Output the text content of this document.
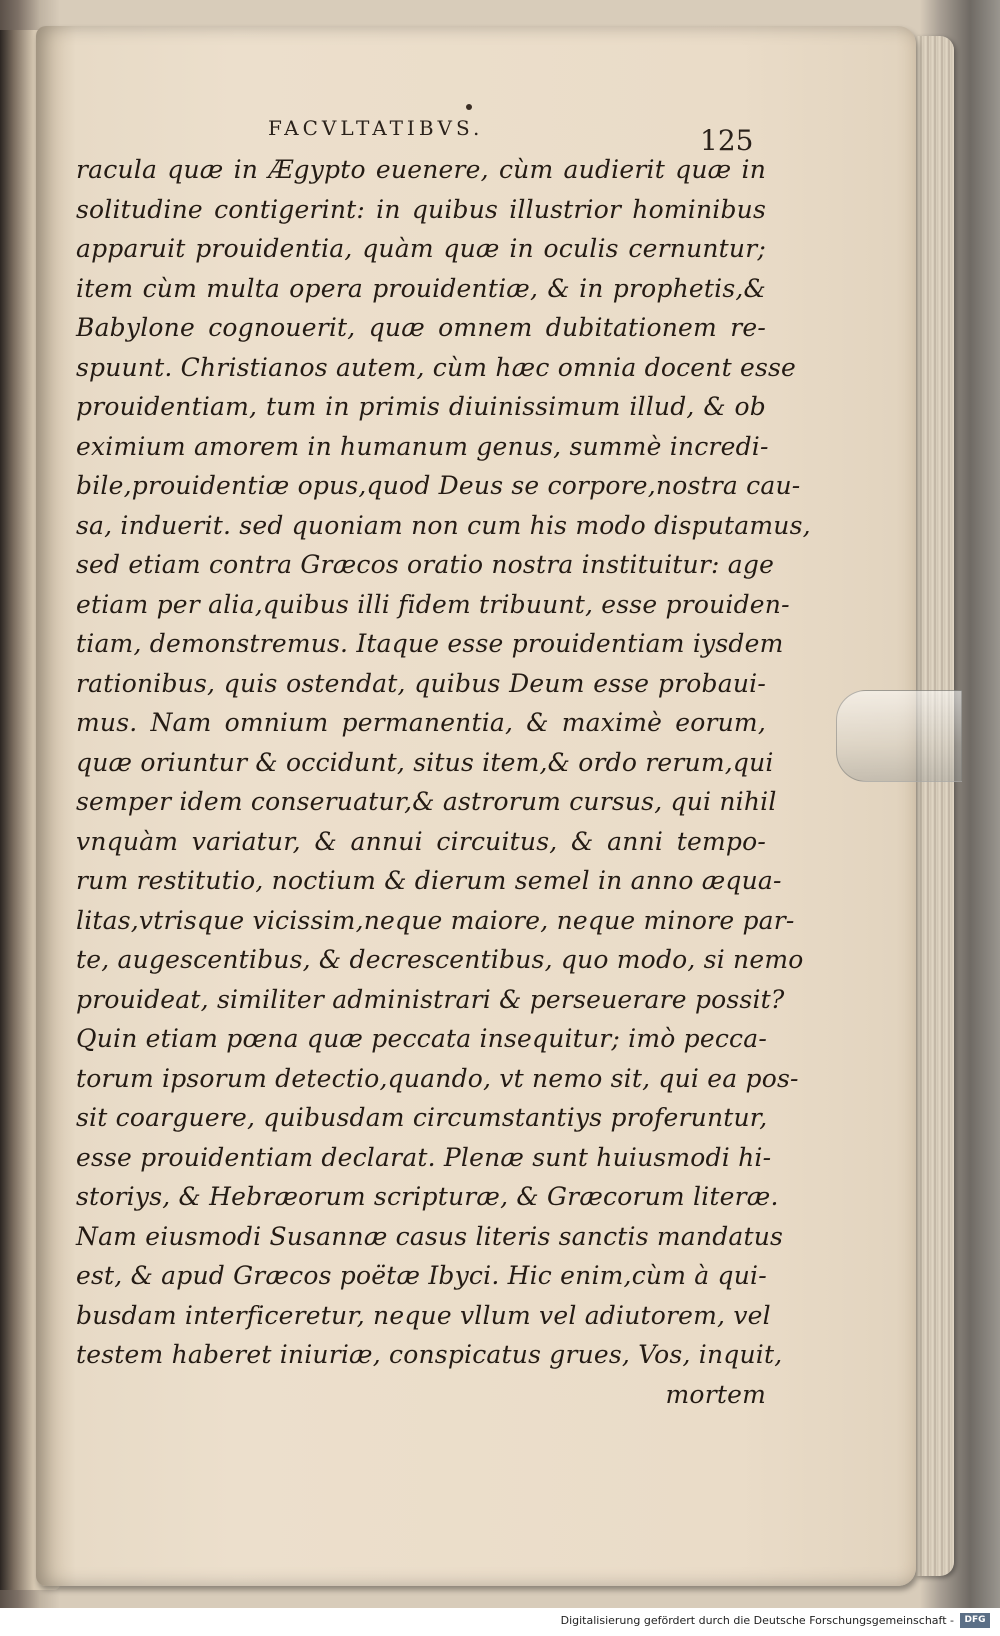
FACVLTATIBVS.	125
racula quæ in Ægypto euenere, cùm audierit quæ in
solitudine contigerint: in quibus illustrior hominibus
apparuit prouidentia, quàm quæ in oculis cernuntur;
item cùm multa opera prouidentiæ, & in prophetis,&
Babylone cognouerit, quæ omnem dubitationem re-
spuunt. Christianos autem, cùm hæc omnia docent esse
prouidentiam, tum in primis diuinissimum illud, & ob
eximium amorem in humanum genus, summè incredi-
bile,prouidentiæ opus,quod Deus se corpore,nostra cau-
sa, induerit. sed quoniam non cum his modo disputamus,
sed etiam contra Græcos oratio nostra instituitur: age
etiam per alia,quibus illi fidem tribuunt, esse prouiden-
tiam, demonstremus. Itaque esse prouidentiam iysdem
rationibus, quis ostendat, quibus Deum esse probaui-
mus. Nam omnium permanentia, & maximè eorum,
quæ oriuntur & occidunt, situs item,& ordo rerum,qui
semper idem conseruatur,& astrorum cursus, qui nihil
vnquàm variatur, & annui circuitus, & anni tempo-
rum restitutio, noctium & dierum semel in anno æqua-
litas,vtrisque vicissim,neque maiore, neque minore par-
te, augescentibus, & decrescentibus, quo modo, si nemo
prouideat, similiter administrari & perseuerare possit?
Quin etiam pœna quæ peccata insequitur; imò pecca-
torum ipsorum detectio,quando, vt nemo sit, qui ea pos-
sit coarguere, quibusdam circumstantiys proferuntur,
esse prouidentiam declarat. Plenæ sunt huiusmodi hi-
storiys, & Hebræorum scripturæ, & Græcorum literæ.
Nam eiusmodi Susannæ casus literis sanctis mandatus
est, & apud Græcos poëtæ Ibyci. Hic enim,cùm à qui-
busdam interficeretur, neque vllum vel adiutorem, vel
testem haberet iniuriæ, conspicatus grues, Vos, inquit,
mortem
Digitalisierung gefördert durch die Deutsche Forschungsgemeinschaft -	DFG
